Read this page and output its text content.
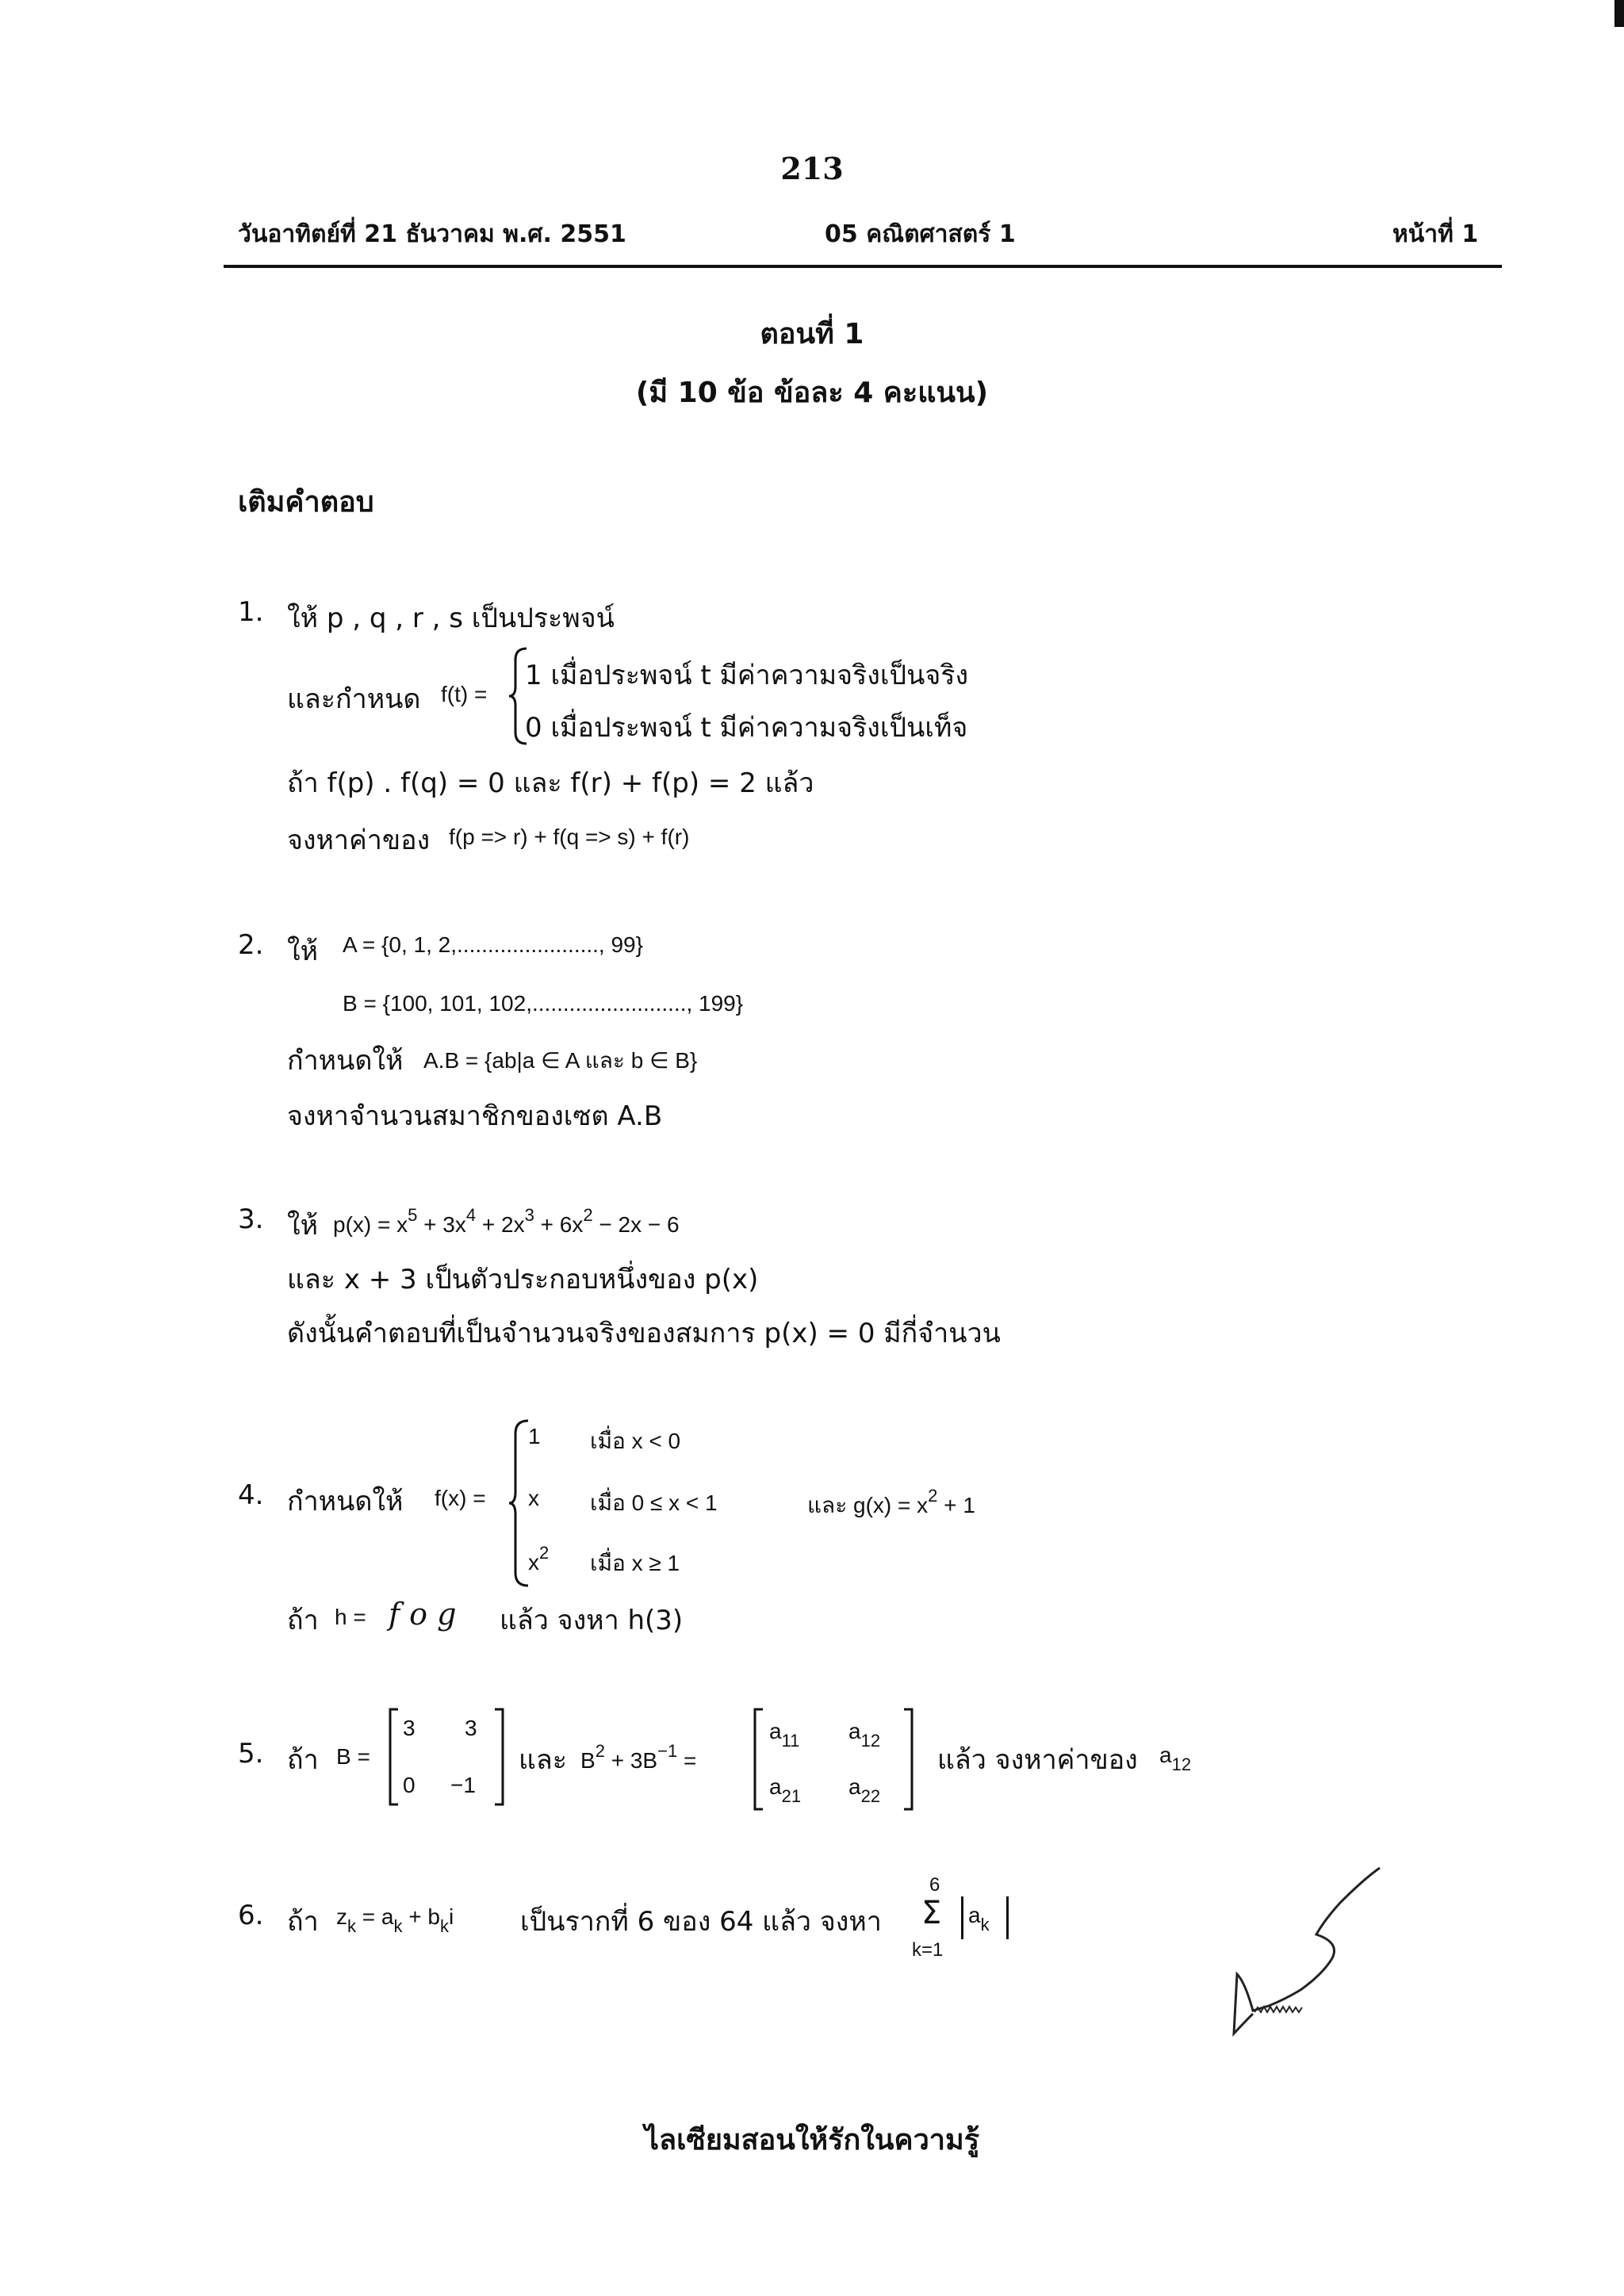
213
วันอาทิตย์ที่ 21 ธันวาคม พ.ศ. 2551	05 คณิตศาสตร์ 1	หน้าที่ 1
ตอนที่ 1
(มี 10 ข้อ ข้อละ 4 คะแนน)
เติมคำตอบ
1. ให้ p , q , r , s เป็นประพจน์
และกำหนด f(t) =
1 เมื่อประพจน์ t มีค่าความจริงเป็นจริง
0 เมื่อประพจน์ t มีค่าความจริงเป็นเท็จ
ถ้า f(p) . f(q) = 0 และ f(r) + f(p) = 2 แล้ว
จงหาค่าของ f(p => r) + f(q => s) + f(r)
2. ให้ A = {0, 1, 2,......................., 99}
B = {100, 101, 102,........................., 199}
กำหนดให้ A.B = {ab|a ∈ A และ b ∈ B}
จงหาจำนวนสมาชิกของเซต A.B
3. ให้ $p(x) = x^5 + 3x^4 + 2x^3 + 6x^2 - 2x - 6$
และ x + 3 เป็นตัวประกอบหนึ่งของ p(x)
ดังนั้นคำตอบที่เป็นจำนวนจริงของสมการ p(x) = 0 มีกี่จำนวน
4. กำหนดให้ f(x) =
1 เมื่อ x < 0
x เมื่อ 0 ≤ x < 1
$x^2$ เมื่อ x ≥ 1
และ $g(x) = x^2 + 1$
ถ้า h = f o g แล้ว จงหา h(3)
5. ถ้า B =
3 3
0 −1
และ $B^2 + 3B^{-1}$ =
$a_{11}$ $a_{12}$
$a_{21}$ $a_{22}$
แล้ว จงหาค่าของ $a_{12}$
6. ถ้า $z_k = a_k + b_ki$ เป็นรากที่ 6 ของ 64 แล้ว จงหา
6
Σ
k=1
$a_k$
ไลเซียมสอนให้รักในความรู้
